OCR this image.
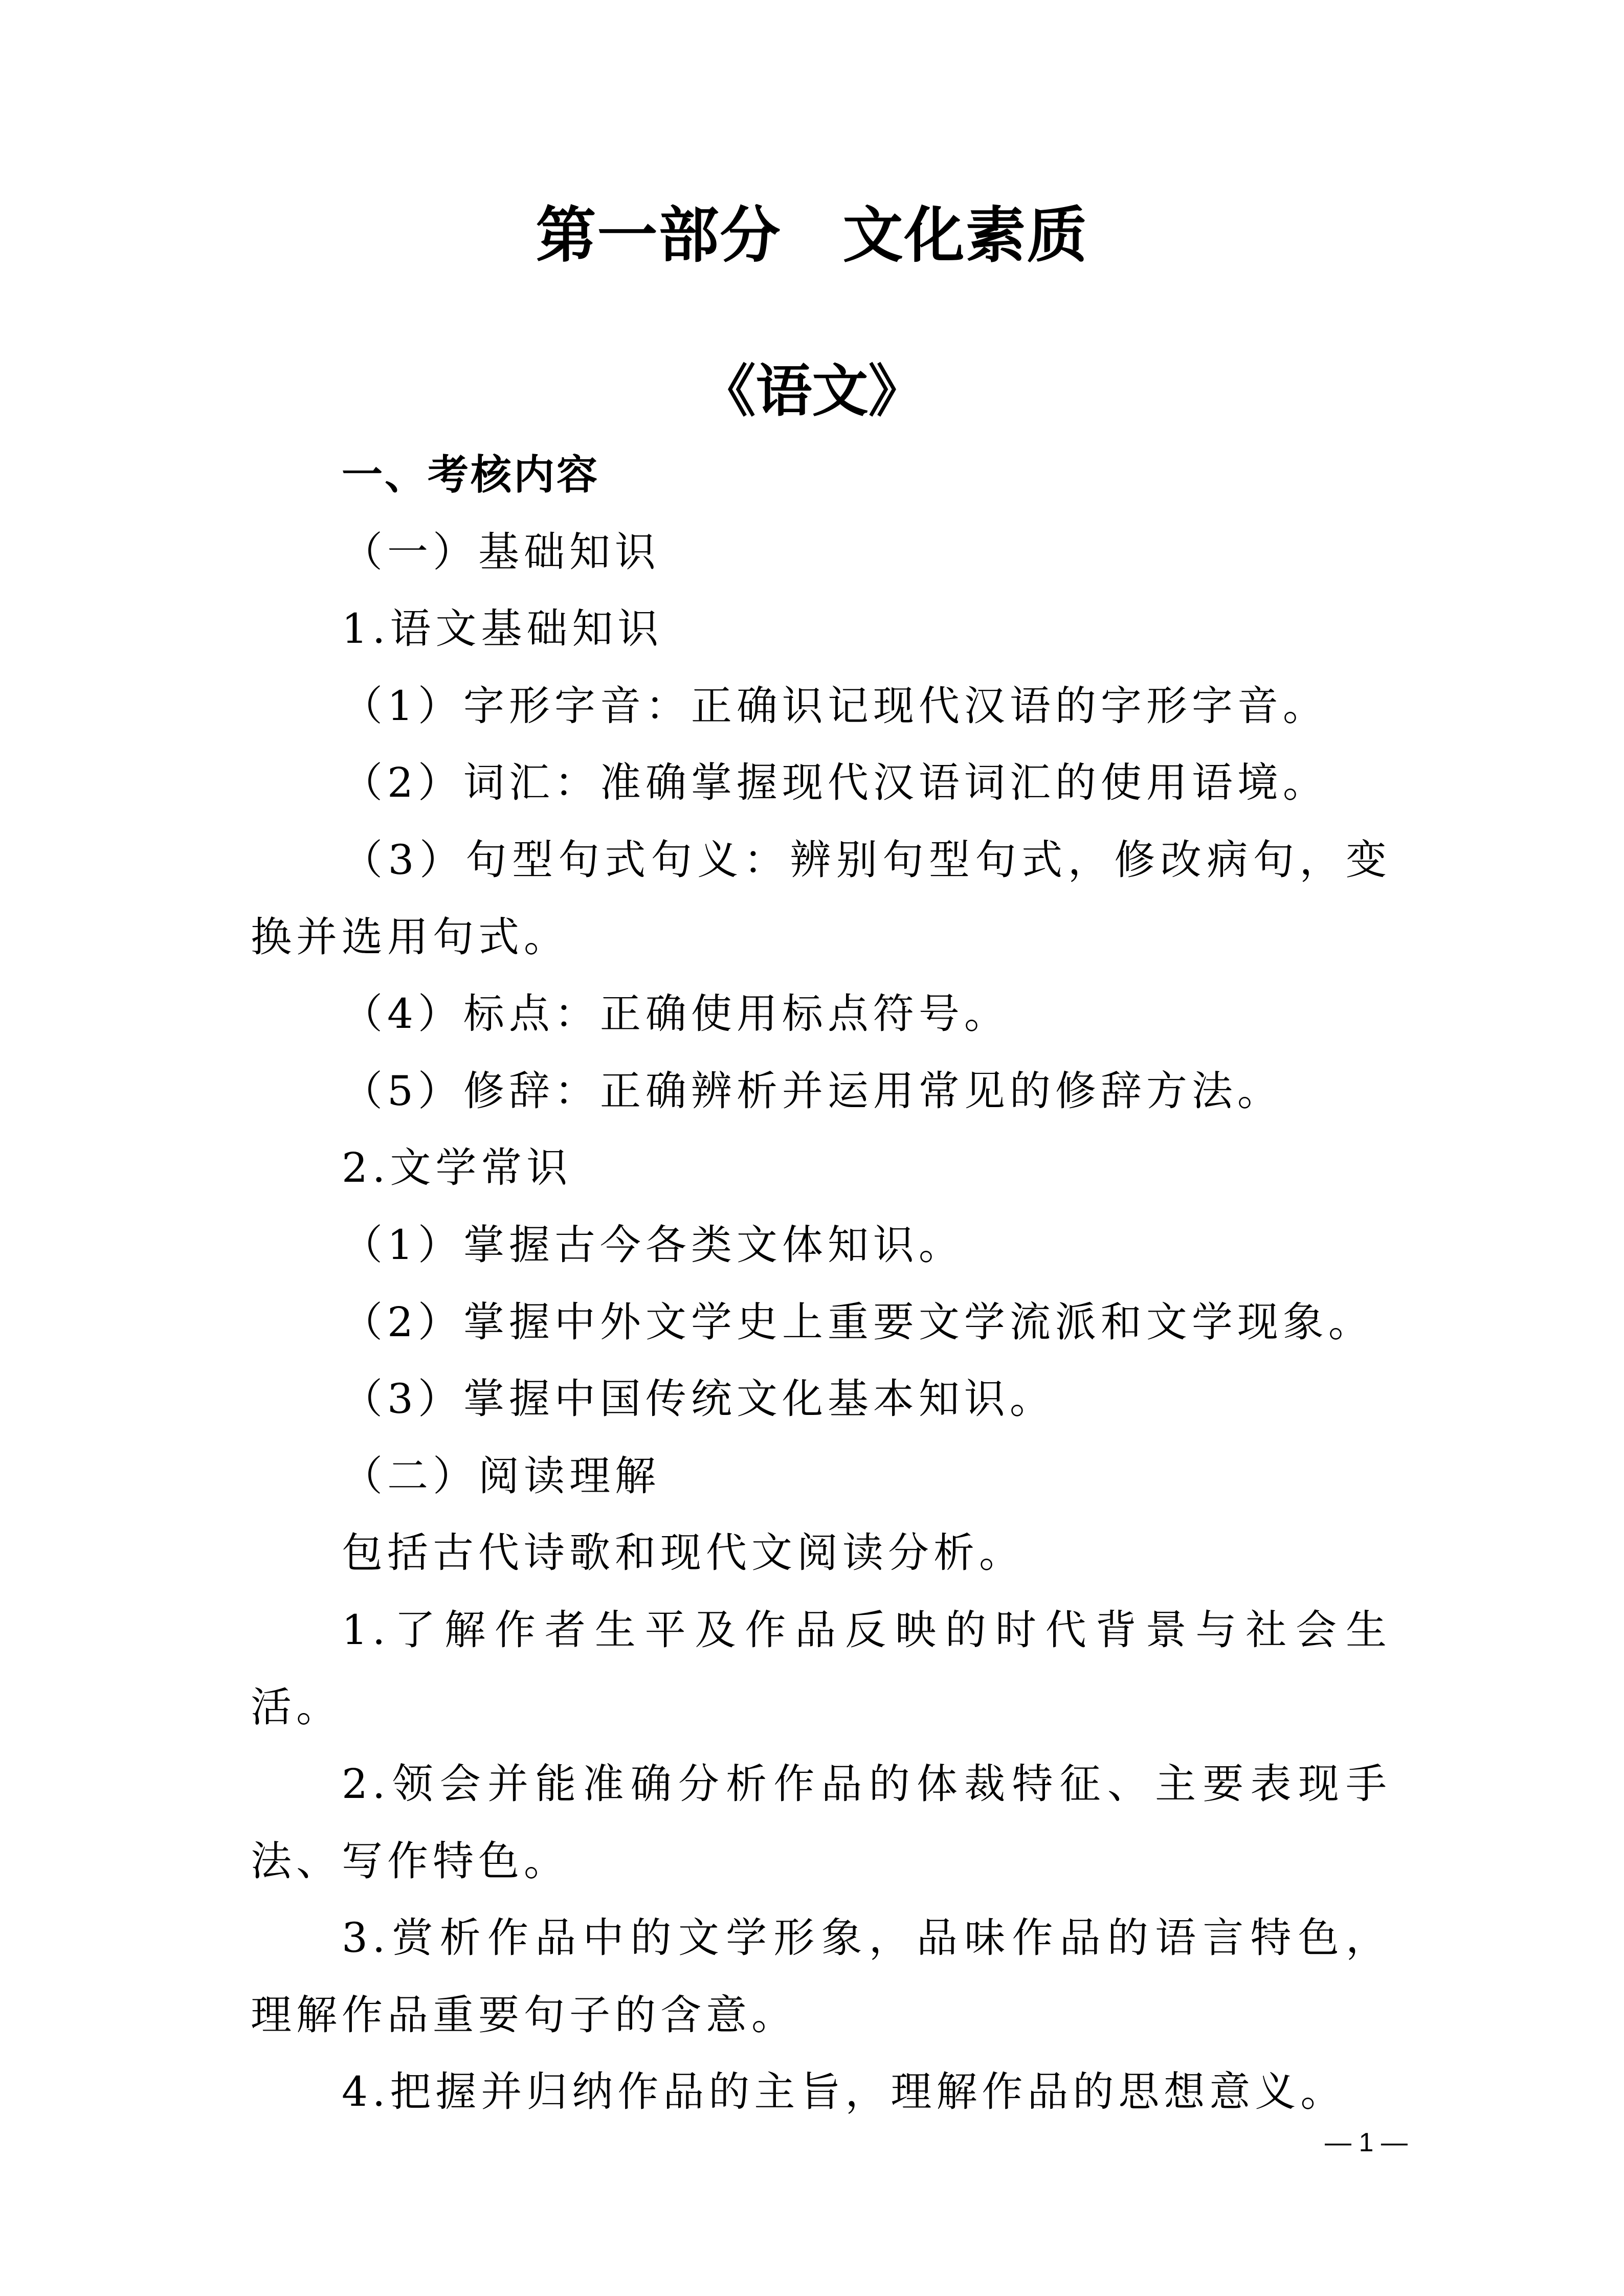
第一部分　文化素质
《语文》

一、考核内容

（一）基础知识

1.语文基础知识

（1）字形字音：正确识记现代汉语的字形字音。

（2）词汇：准确掌握现代汉语词汇的使用语境。

（3）句型句式句义：辨别句型句式，修改病句，变换并选用句式。

（4）标点：正确使用标点符号。

（5）修辞：正确辨析并运用常见的修辞方法。

2.文学常识

（1）掌握古今各类文体知识。

（2）掌握中外文学史上重要文学流派和文学现象。

（3）掌握中国传统文化基本知识。

（二）阅读理解

包括古代诗歌和现代文阅读分析。

1.了解作者生平及作品反映的时代背景与社会生活。

2.领会并能准确分析作品的体裁特征、主要表现手法、写作特色。

3.赏析作品中的文学形象，品味作品的语言特色，理解作品重要句子的含意。

4.把握并归纳作品的主旨，理解作品的思想意义。

— 1 —
